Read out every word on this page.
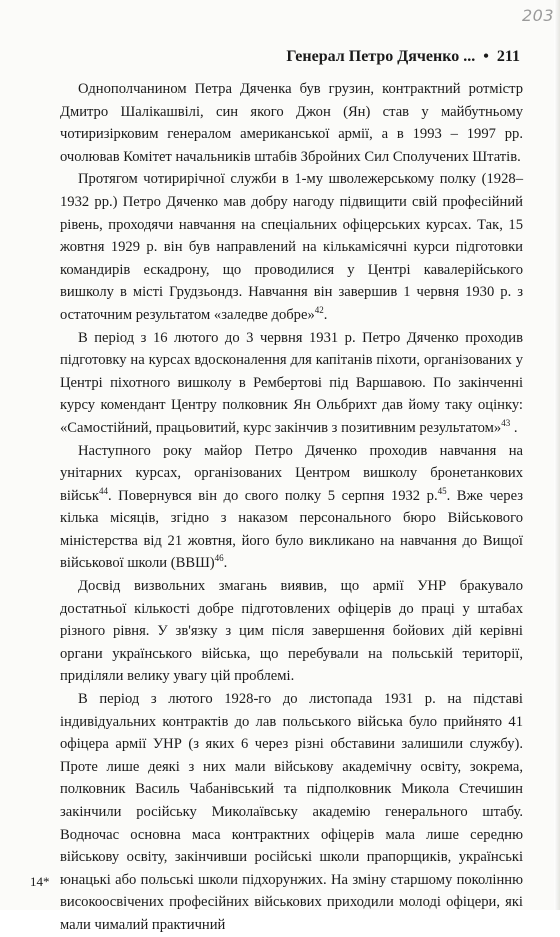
203
Генерал Петро Дяченко ... • 211

Однополчанином Петра Дяченка був грузин, контрактний ротмістр Дмитро Шалікашвілі, син якого Джон (Ян) став у майбутньому чотиризірковим генералом американської армії, а в 1993 – 1997 рр. очолював Комітет начальників штабів Збройних Сил Сполучених Штатів.

Протягом чотирирічної служби в 1-му шволежерському полку (1928–1932 рр.) Петро Дяченко мав добру нагоду підвищити свій професійний рівень, проходячи навчання на спеціальних офіцерських курсах. Так, 15 жовтня 1929 р. він був направлений на кількамісячні курси підготовки командирів ескадрону, що проводилися у Центрі кавалерійського вишколу в місті Грудзьондз. Навчання він завершив 1 червня 1930 р. з остаточним результатом «заледве добре»$^{42}$.

В період з 16 лютого до 3 червня 1931 р. Петро Дяченко проходив підготовку на курсах вдосконалення для капітанів піхоти, організованих у Центрі піхотного вишколу в Рембертові під Варшавою. По закінченні курсу комендант Центру полковник Ян Ольбрихт дав йому таку оцінку: «Самостійний, працьовитий, курс закінчив з позитивним результатом»$^{43}$ .

Наступного року майор Петро Дяченко проходив навчання на унітарних курсах, організованих Центром вишколу бронетанкових військ$^{44}$. Повернувся він до свого полку 5 серпня 1932 р.$^{45}$. Вже через кілька місяців, згідно з наказом персонального бюро Військового міністерства від 21 жовтня, його було викликано на навчання до Вищої військової школи (ВВШ)$^{46}$.

Досвід визвольних змагань виявив, що армії УНР бракувало достатньої кількості добре підготовлених офіцерів до праці у штабах різного рівня. У зв'язку з цим після завершення бойових дій керівні органи українського війська, що перебували на польській території, приділяли велику увагу цій проблемі.

В період з лютого 1928-го до листопада 1931 р. на підставі індивідуальних контрактів до лав польського війська було прийнято 41 офіцера армії УНР (з яких 6 через різні обставини залишили службу). Проте лише деякі з них мали військову академічну освіту, зокрема, полковник Василь Чабанівський та підполковник Микола Стечишин закінчили російську Миколаївську академію генерального штабу. Водночас основна маса контрактних офіцерів мала лише середню військову освіту, закінчивши російські школи прапорщиків, українські юнацькі або польські школи підхорунжих. На зміну старшому поколінню високоосвічених професійних військових приходили молоді офіцери, які мали чималий практичний

14*
